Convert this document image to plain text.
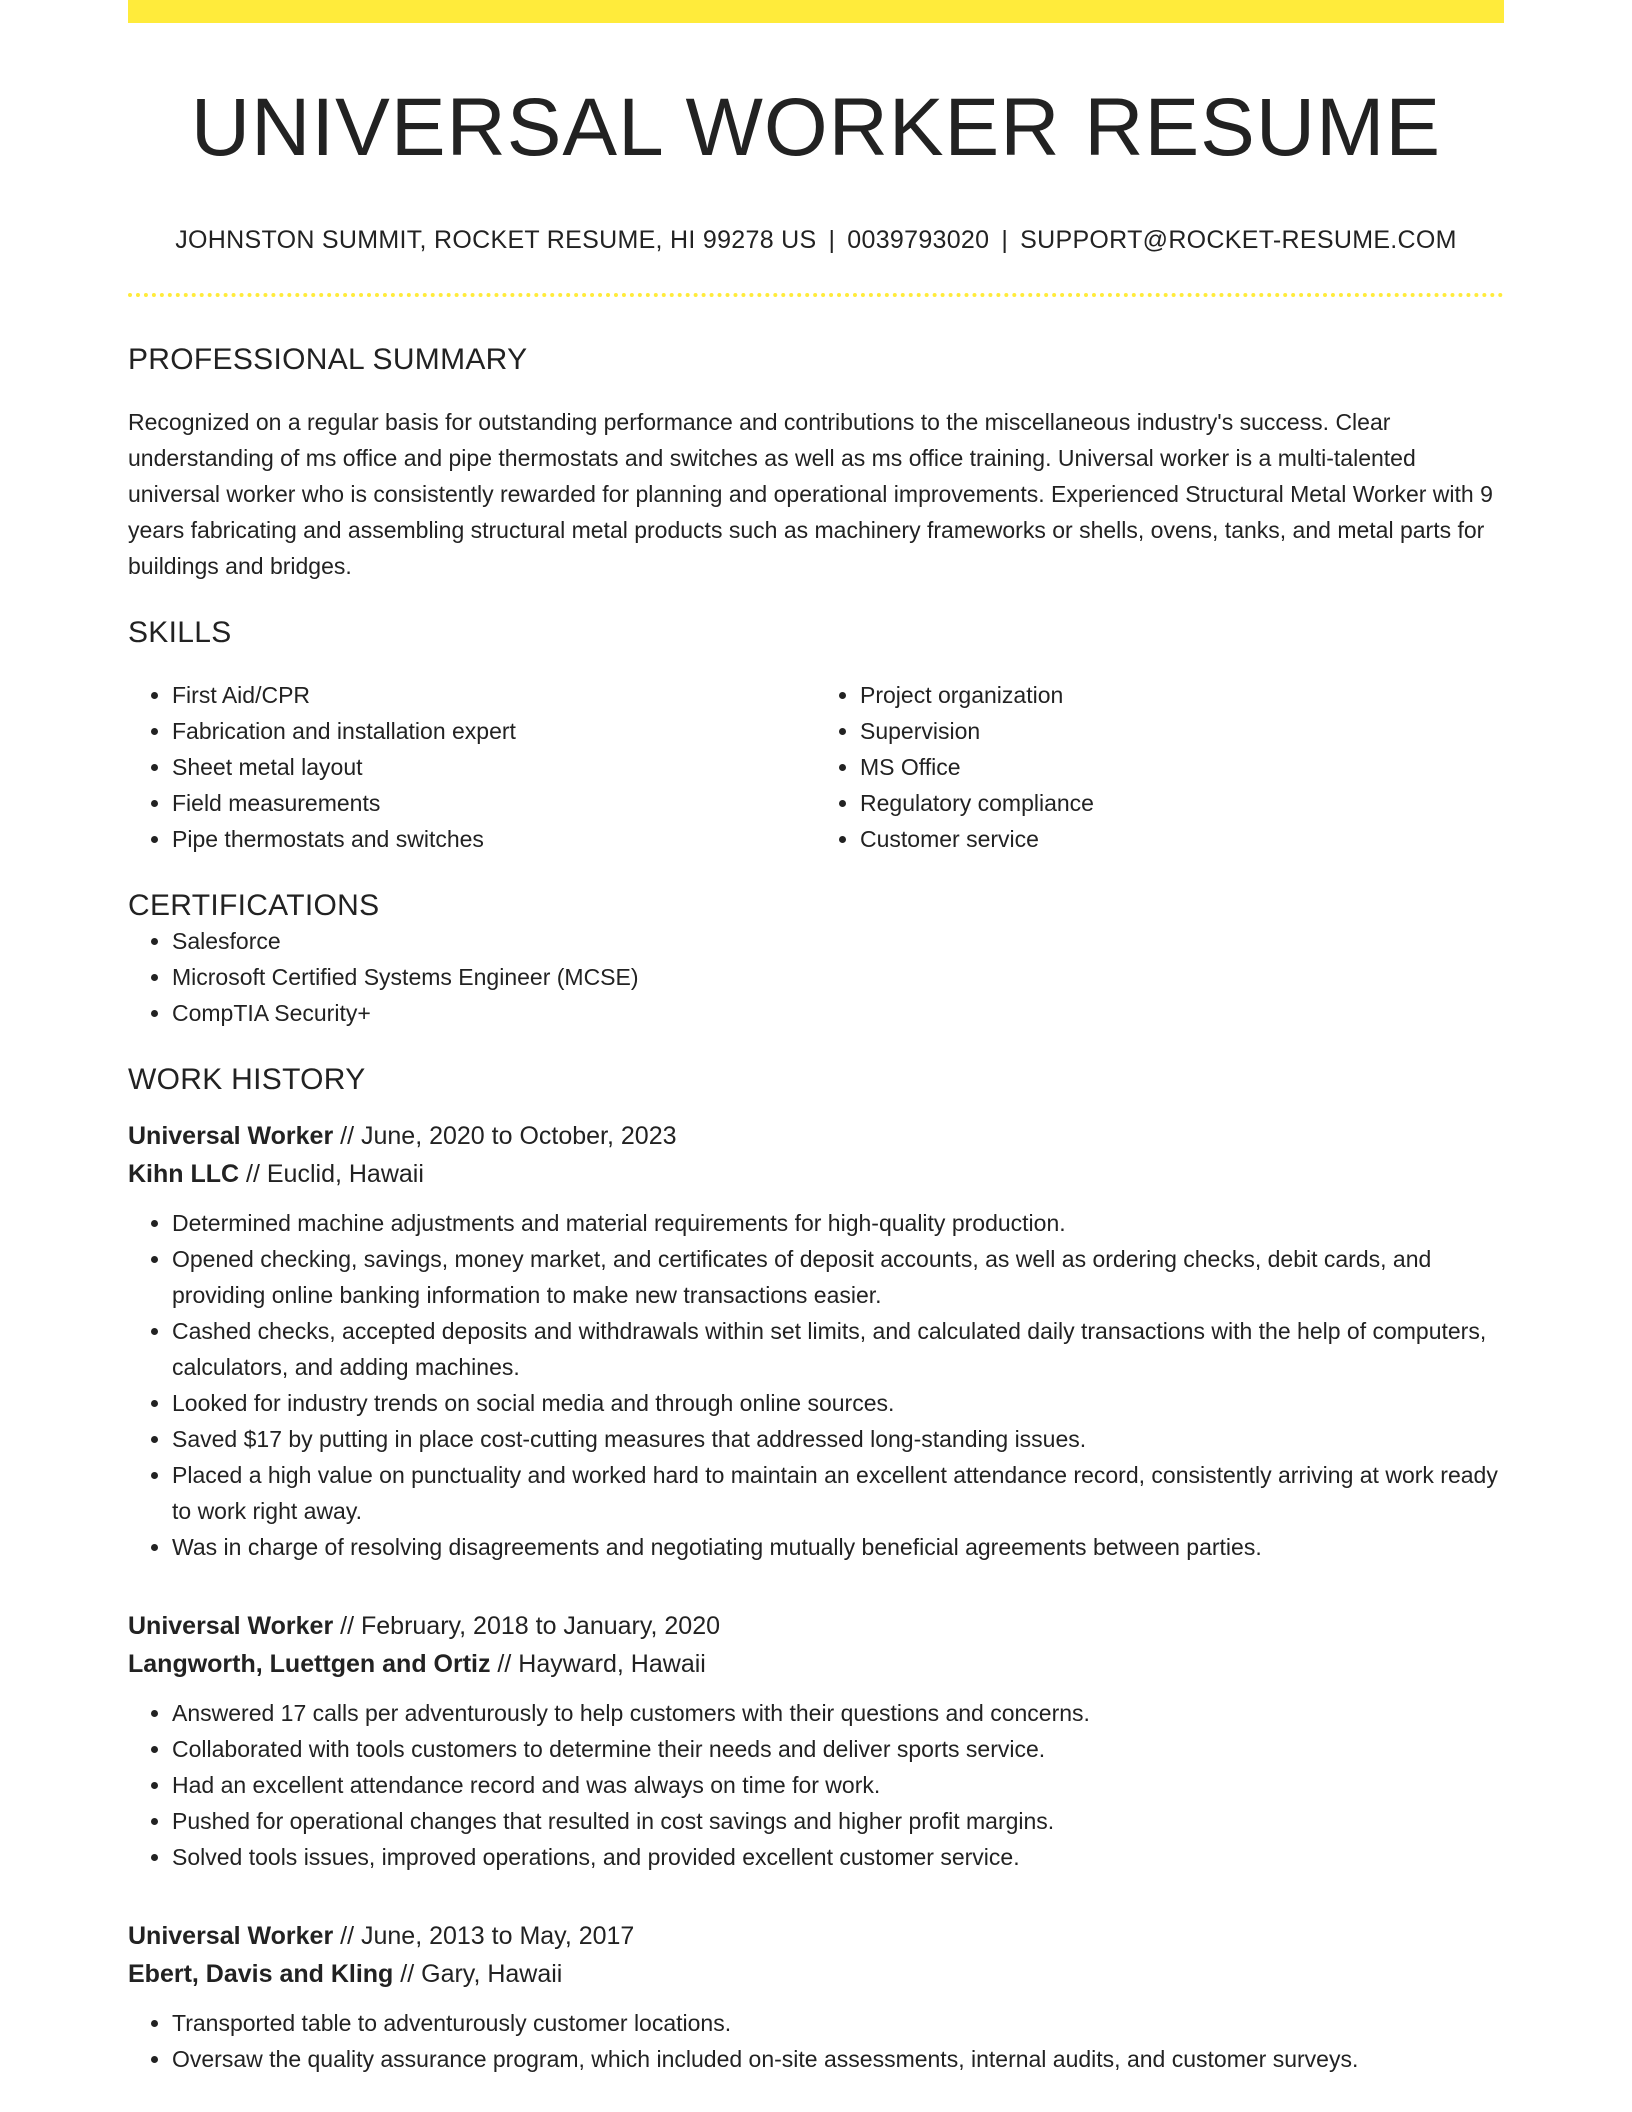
UNIVERSAL WORKER RESUME
JOHNSTON SUMMIT, ROCKET RESUME, HI 99278 US | 0039793020 | SUPPORT@ROCKET-RESUME.COM
PROFESSIONAL SUMMARY

Recognized on a regular basis for outstanding performance and contributions to the miscellaneous industry's success. Clear understanding of ms office and pipe thermostats and switches as well as ms office training. Universal worker is a multi-talented universal worker who is consistently rewarded for planning and operational improvements. Experienced Structural Metal Worker with 9 years fabricating and assembling structural metal products such as machinery frameworks or shells, ovens, tanks, and metal parts for buildings and bridges.

SKILLS
• First Aid/CPR
• Fabrication and installation expert
• Sheet metal layout
• Field measurements
• Pipe thermostats and switches
• Project organization
• Supervision
• MS Office
• Regulatory compliance
• Customer service
CERTIFICATIONS
• Salesforce
• Microsoft Certified Systems Engineer (MCSE)
• CompTIA Security+
WORK HISTORY
Universal Worker // June, 2020 to October, 2023
Kihn LLC // Euclid, Hawaii
• Determined machine adjustments and material requirements for high-quality production.
• Opened checking, savings, money market, and certificates of deposit accounts, as well as ordering checks, debit cards, and providing online banking information to make new transactions easier.
• Cashed checks, accepted deposits and withdrawals within set limits, and calculated daily transactions with the help of computers, calculators, and adding machines.
• Looked for industry trends on social media and through online sources.
• Saved $17 by putting in place cost-cutting measures that addressed long-standing issues.
• Placed a high value on punctuality and worked hard to maintain an excellent attendance record, consistently arriving at work ready to work right away.
• Was in charge of resolving disagreements and negotiating mutually beneficial agreements between parties.
Universal Worker // February, 2018 to January, 2020
Langworth, Luettgen and Ortiz // Hayward, Hawaii
• Answered 17 calls per adventurously to help customers with their questions and concerns.
• Collaborated with tools customers to determine their needs and deliver sports service.
• Had an excellent attendance record and was always on time for work.
• Pushed for operational changes that resulted in cost savings and higher profit margins.
• Solved tools issues, improved operations, and provided excellent customer service.
Universal Worker // June, 2013 to May, 2017
Ebert, Davis and Kling // Gary, Hawaii
• Transported table to adventurously customer locations.
• Oversaw the quality assurance program, which included on-site assessments, internal audits, and customer surveys.
